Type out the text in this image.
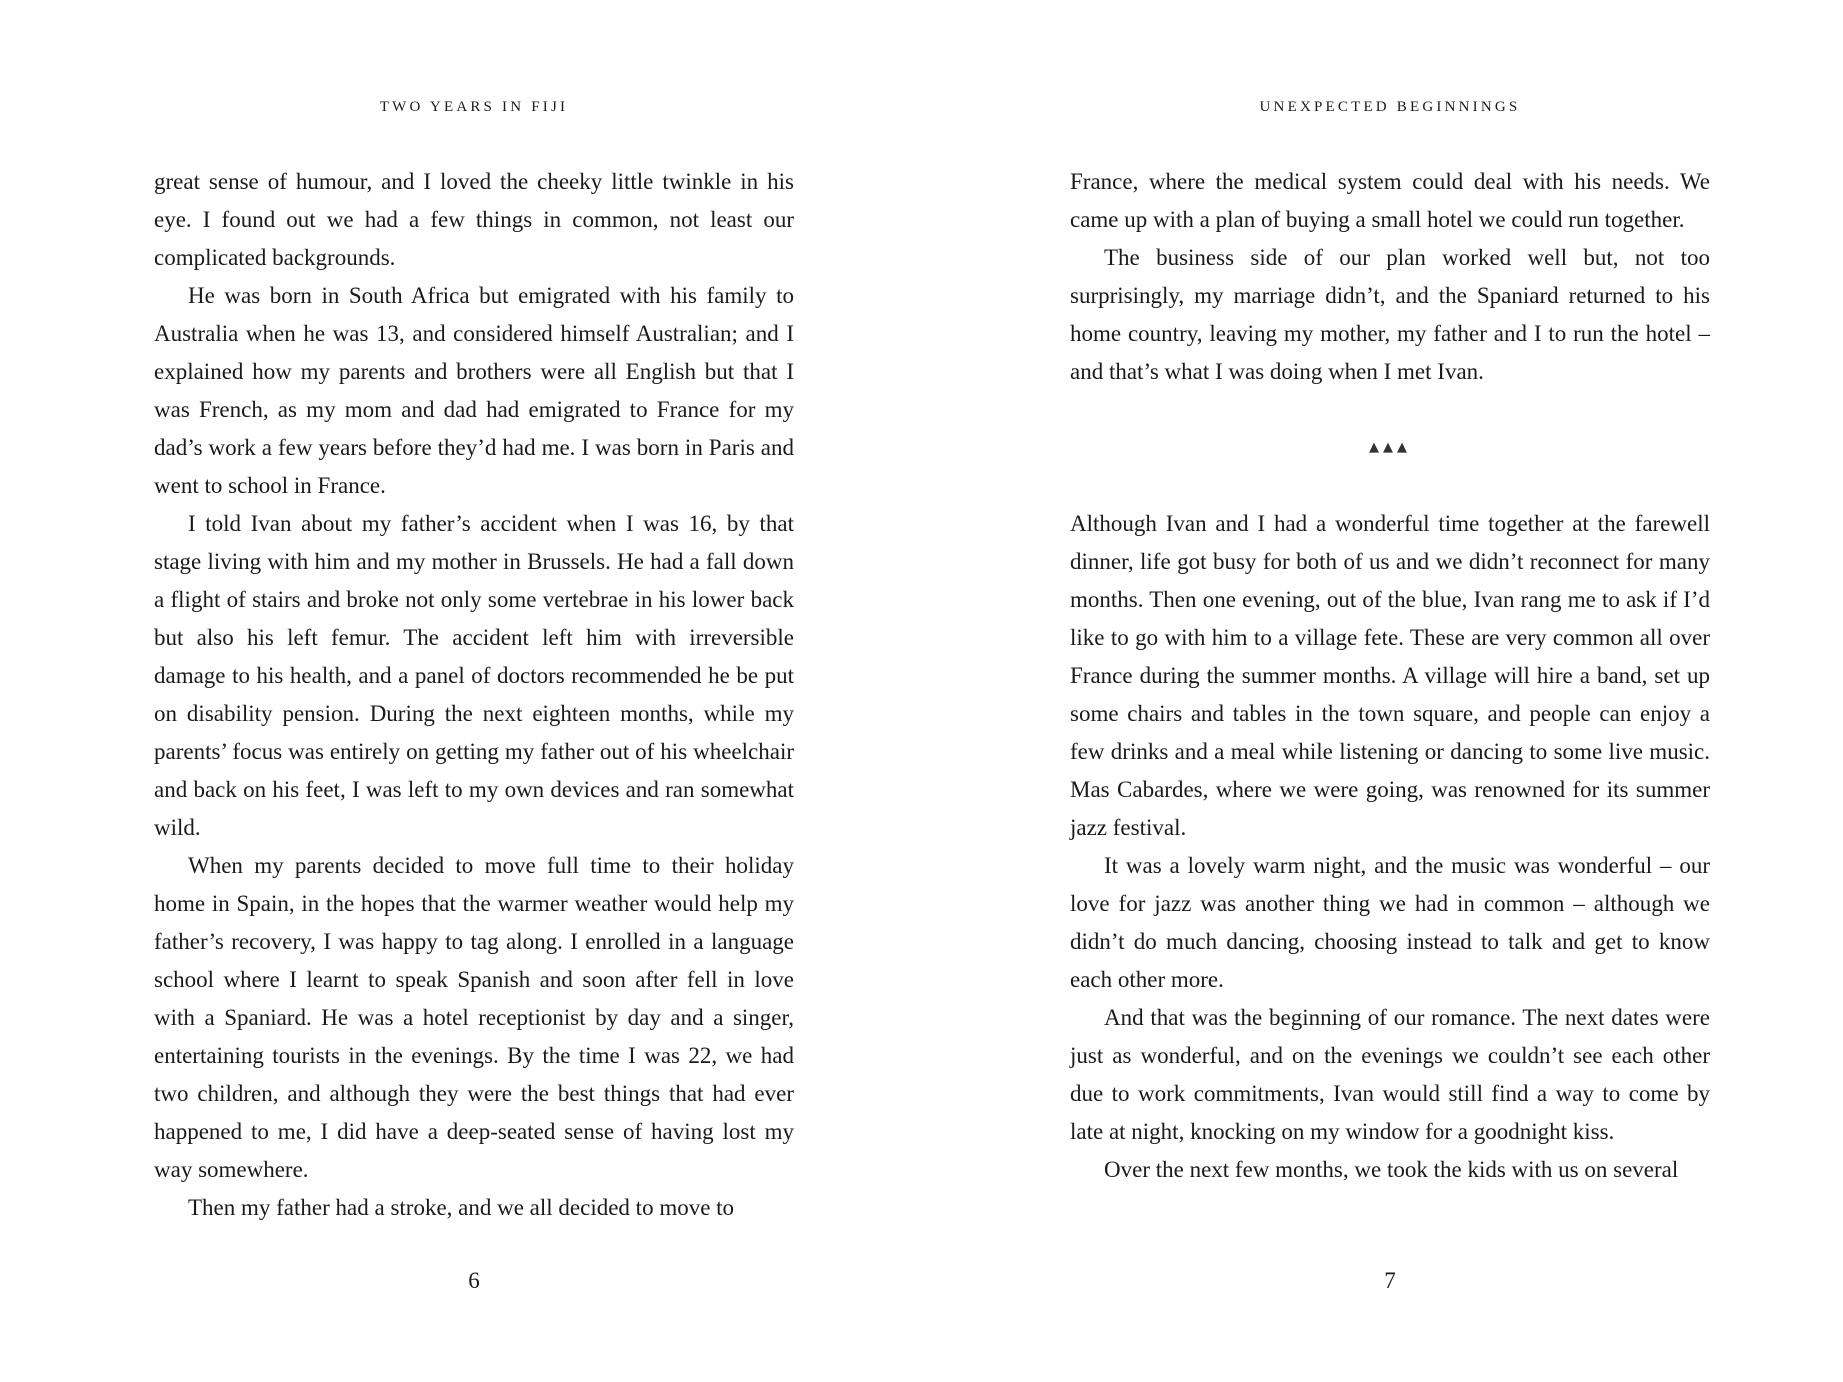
TWO YEARS IN FIJI

great sense of humour, and I loved the cheeky little twinkle in his eye. I found out we had a few things in common, not least our complicated backgrounds.

He was born in South Africa but emigrated with his family to Australia when he was 13, and considered himself Australian; and I explained how my parents and brothers were all English but that I was French, as my mom and dad had emigrated to France for my dad’s work a few years before they’d had me. I was born in Paris and went to school in France.

I told Ivan about my father’s accident when I was 16, by that stage living with him and my mother in Brussels. He had a fall down a flight of stairs and broke not only some vertebrae in his lower back but also his left femur. The accident left him with irreversible damage to his health, and a panel of doctors recommended he be put on disability pension. During the next eighteen months, while my parents’ focus was entirely on getting my father out of his wheelchair and back on his feet, I was left to my own devices and ran somewhat wild.

When my parents decided to move full time to their holiday home in Spain, in the hopes that the warmer weather would help my father’s recovery, I was happy to tag along. I enrolled in a language school where I learnt to speak Spanish and soon after fell in love with a Spaniard. He was a hotel receptionist by day and a singer, entertaining tourists in the evenings. By the time I was 22, we had two children, and although they were the best things that had ever happened to me, I did have a deep-seated sense of having lost my way somewhere.

Then my father had a stroke, and we all decided to move to

6
UNEXPECTED BEGINNINGS

France, where the medical system could deal with his needs. We came up with a plan of buying a small hotel we could run together.

The business side of our plan worked well but, not too surprisingly, my marriage didn’t, and the Spaniard returned to his home country, leaving my mother, my father and I to run the hotel – and that’s what I was doing when I met Ivan.

▲▲▲

Although Ivan and I had a wonderful time together at the farewell dinner, life got busy for both of us and we didn’t reconnect for many months. Then one evening, out of the blue, Ivan rang me to ask if I’d like to go with him to a village fete. These are very common all over France during the summer months. A village will hire a band, set up some chairs and tables in the town square, and people can enjoy a few drinks and a meal while listening or dancing to some live music. Mas Cabardes, where we were going, was renowned for its summer jazz festival.

It was a lovely warm night, and the music was wonderful – our love for jazz was another thing we had in common – although we didn’t do much dancing, choosing instead to talk and get to know each other more.

And that was the beginning of our romance. The next dates were just as wonderful, and on the evenings we couldn’t see each other due to work commitments, Ivan would still find a way to come by late at night, knocking on my window for a goodnight kiss.

Over the next few months, we took the kids with us on several

7
